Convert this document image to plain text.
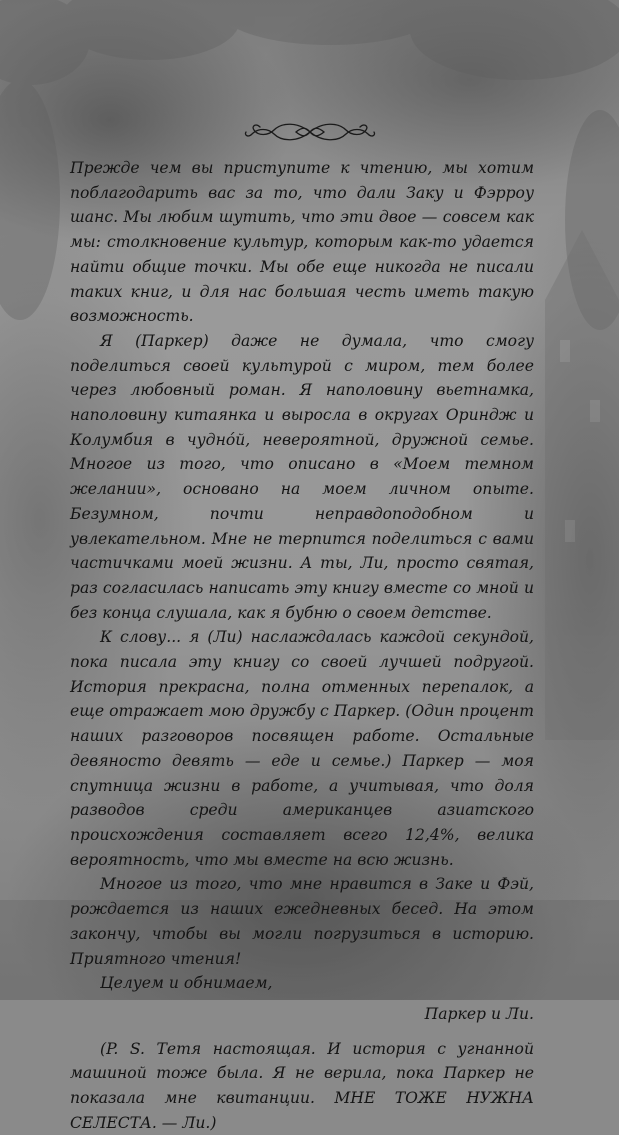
Прежде чем вы приступите к чтению, мы хотим поблагодарить вас за то, что дали Заку и Фэрроу шанс. Мы любим шутить, что эти двое — совсем как мы: столкновение культур, которым как-то удается найти общие точки. Мы обе еще никогда не писали таких книг, и для нас большая честь иметь такую возможность.

Я (Паркер) даже не думала, что смогу поделиться своей культурой с миром, тем более через любовный роман. Я наполовину вьетнамка, наполовину китаянка и выросла в округах Ориндж и Колумбия в чудно́й, невероятной, дружной семье. Многое из того, что описано в «Моем темном желании», основано на моем личном опыте. Безумном, почти неправдоподобном и увлекательном. Мне не терпится поделиться с вами частичками моей жизни. А ты, Ли, просто святая, раз согласилась написать эту книгу вместе со мной и без конца слушала, как я бубню о своем детстве.

К слову... я (Ли) наслаждалась каждой секундой, пока писала эту книгу со своей лучшей подругой. История прекрасна, полна отменных перепалок, а еще отражает мою дружбу с Паркер. (Один процент наших разговоров посвящен работе. Остальные девяносто девять — еде и семье.) Паркер — моя спутница жизни в работе, а учитывая, что доля разводов среди американцев азиатского происхождения составляет всего 12,4%, велика вероятность, что мы вместе на всю жизнь.

Многое из того, что мне нравится в Заке и Фэй, рождается из наших ежедневных бесед. На этом закончу, чтобы вы могли погрузиться в историю. Приятного чтения!

Целуем и обнимаем,

Паркер и Ли.

(P. S. Тетя настоящая. И история с угнанной машиной тоже была. Я не верила, пока Паркер не показала мне квитанции. МНЕ ТОЖЕ НУЖНА СЕЛЕСТА. — Ли.)
